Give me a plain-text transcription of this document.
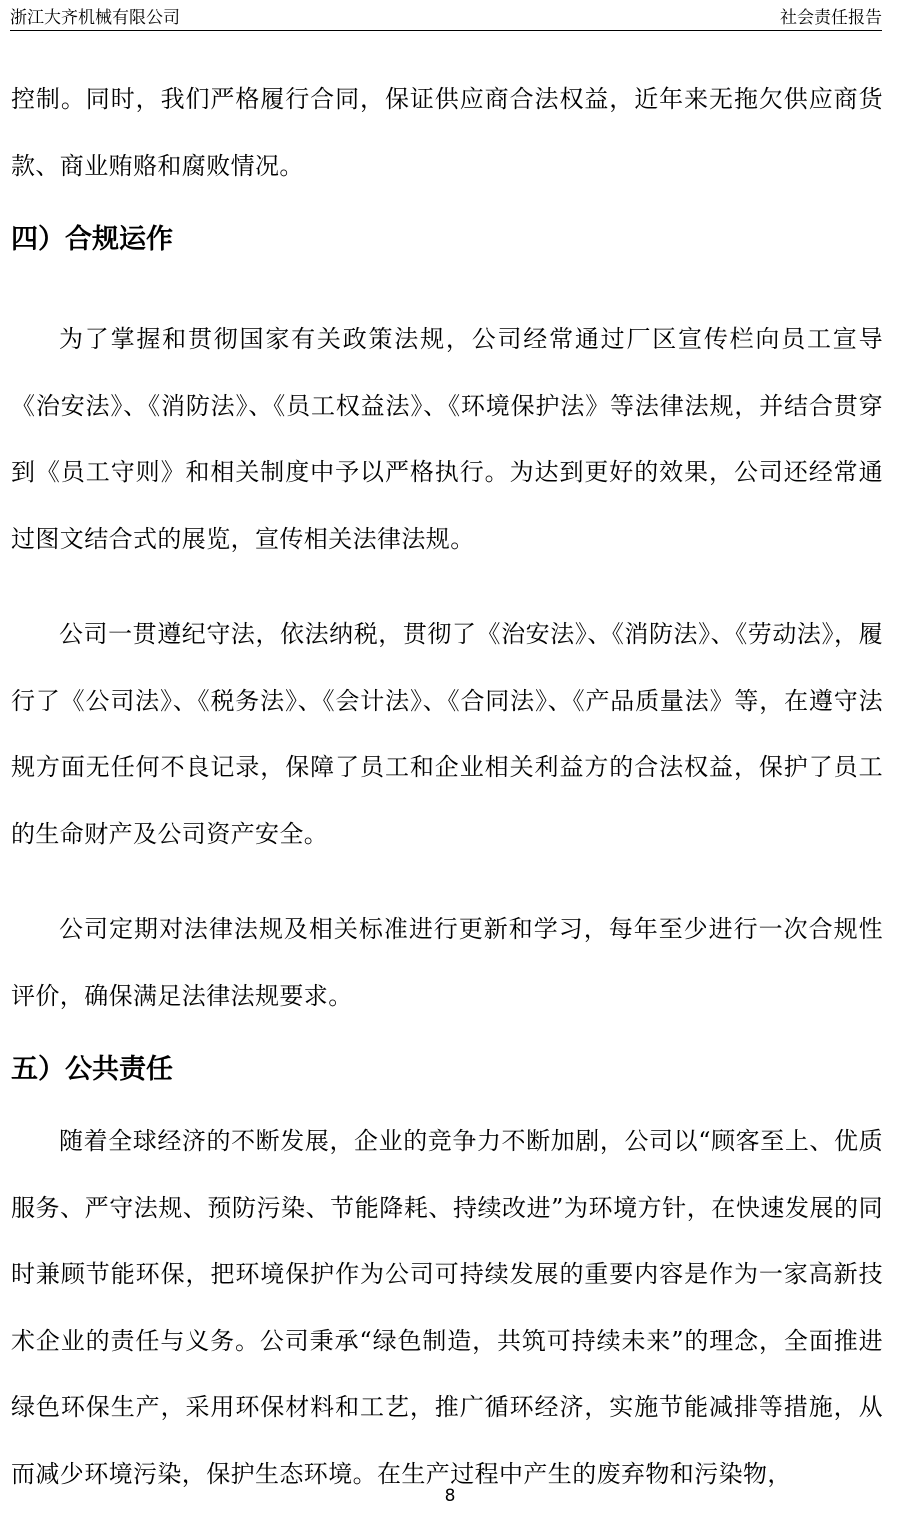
浙江大齐机械有限公司	社会责任报告

控制。同时，我们严格履行合同，保证供应商合法权益，近年来无拖欠供应商货款、商业贿赂和腐败情况。

四）合规运作

为了掌握和贯彻国家有关政策法规，公司经常通过厂区宣传栏向员工宣导《治安法》、《消防法》、《员工权益法》、《环境保护法》等法律法规，并结合贯穿到《员工守则》和相关制度中予以严格执行。为达到更好的效果，公司还经常通过图文结合式的展览，宣传相关法律法规。

公司一贯遵纪守法，依法纳税，贯彻了《治安法》、《消防法》、《劳动法》，履行了《公司法》、《税务法》、《会计法》、《合同法》、《产品质量法》等，在遵守法规方面无任何不良记录，保障了员工和企业相关利益方的合法权益，保护了员工的生命财产及公司资产安全。

公司定期对法律法规及相关标准进行更新和学习，每年至少进行一次合规性评价，确保满足法律法规要求。

五）公共责任

随着全球经济的不断发展，企业的竞争力不断加剧，公司以“顾客至上、优质服务、严守法规、预防污染、节能降耗、持续改进”为环境方针，在快速发展的同时兼顾节能环保，把环境保护作为公司可持续发展的重要内容是作为一家高新技术企业的责任与义务。公司秉承“绿色制造，共筑可持续未来”的理念，全面推进绿色环保生产，采用环保材料和工艺，推广循环经济，实施节能减排等措施，从而减少环境污染，保护生态环境。在生产过程中产生的废弃物和污染物，

8
